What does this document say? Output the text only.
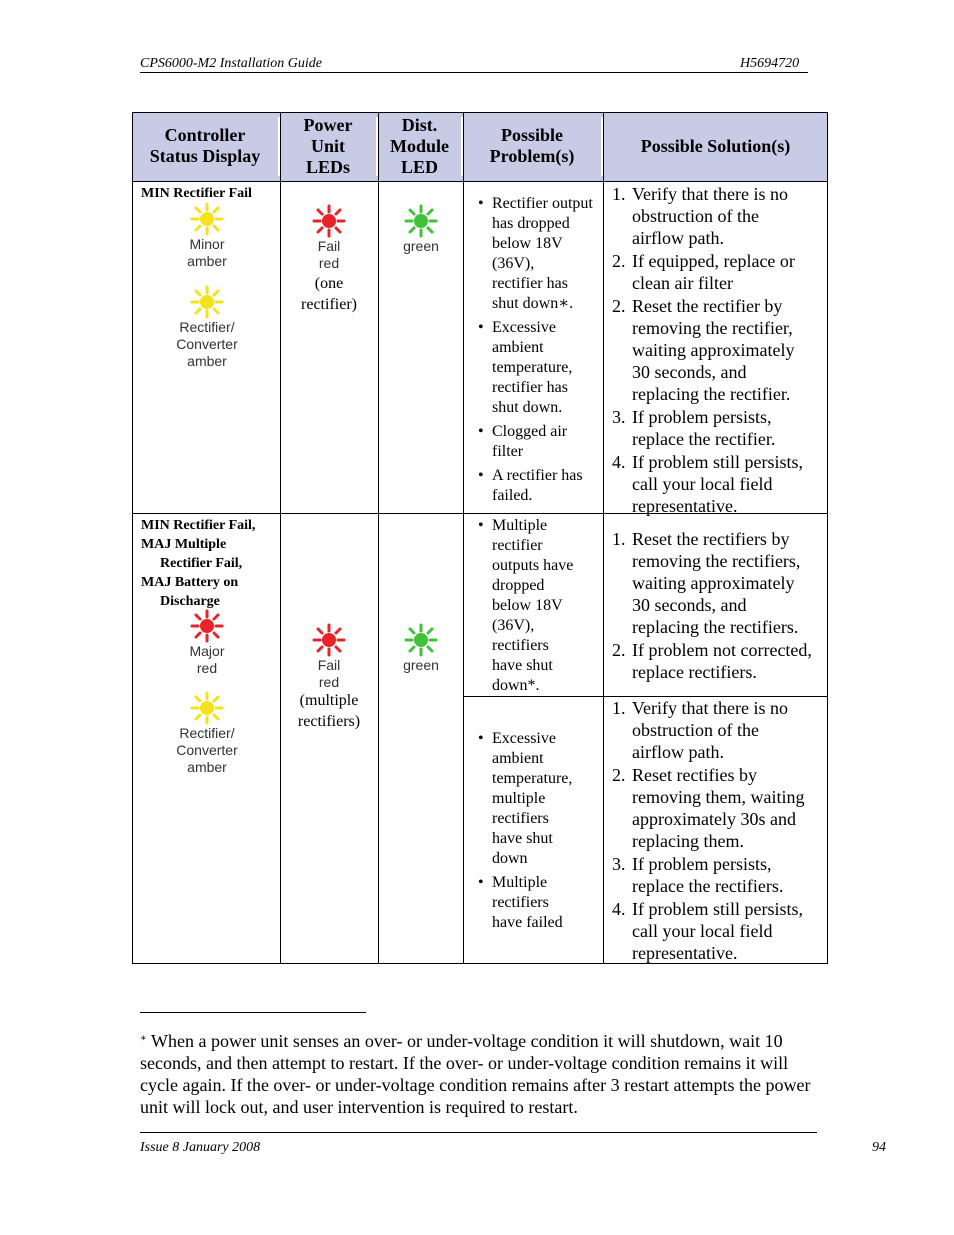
CPS6000-M2 Installation Guide	H5694720
Controller Status Display
Power Unit LEDs
Dist. Module LED
Possible Problem(s)
Possible Solution(s)
MIN Rectifier Fail
Minor
amber
Rectifier/
Converter
amber
Fail
red
(one
rectifier)
green
• Rectifier output
has dropped
below 18V
(36V),
rectifier has
shut down∗.
• Excessive
ambient
temperature,
rectifier has
shut down.
• Clogged air
filter
• A rectifier has
failed.
1. Verify that there is no
obstruction of the
airflow path.
2. If equipped, replace or
clean air filter
2. Reset the rectifier by
removing the rectifier,
waiting approximately
30 seconds, and
replacing the rectifier.
3. If problem persists,
replace the rectifier.
4. If problem still persists,
call your local field
representative.
MIN Rectifier Fail,
MAJ Multiple
Rectifier Fail,
MAJ Battery on
Discharge
Major
red
Rectifier/
Converter
amber
Fail
red
(multiple
rectifiers)
green
• Multiple
rectifier
outputs have
dropped
below 18V
(36V),
rectifiers
have shut
down*.
1. Reset the rectifiers by
removing the rectifiers,
waiting approximately
30 seconds, and
replacing the rectifiers.
2. If problem not corrected,
replace rectifiers.
• Excessive
ambient
temperature,
multiple
rectifiers
have shut
down
• Multiple
rectifiers
have failed
1. Verify that there is no
obstruction of the
airflow path.
2. Reset rectifies by
removing them, waiting
approximately 30s and
replacing them.
3. If problem persists,
replace the rectifiers.
4. If problem still persists,
call your local field
representative.
∗ When a power unit senses an over- or under-voltage condition it will shutdown, wait 10 seconds, and then attempt to restart. If the over- or under-voltage condition remains it will cycle again. If the over- or under-voltage condition remains after 3 restart attempts the power unit will lock out, and user intervention is required to restart.
Issue 8 January 2008	94
